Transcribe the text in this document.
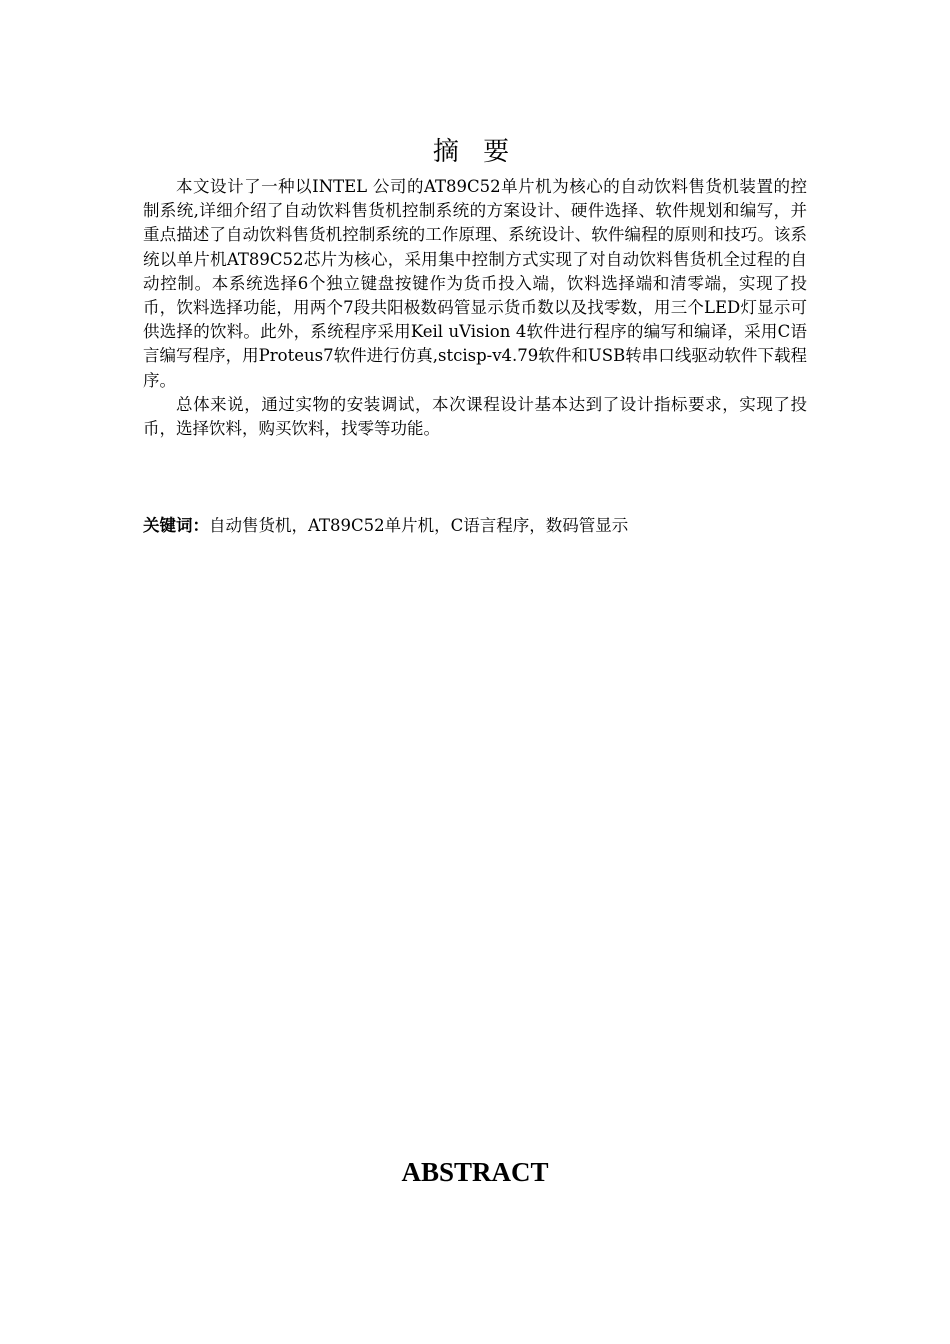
摘 要

本文设计了一种以INTEL 公司的AT89C52单片机为核心的自动饮料售货机装置的控制系统,详细介绍了自动饮料售货机控制系统的方案设计、硬件选择、软件规划和编写，并重点描述了自动饮料售货机控制系统的工作原理、系统设计、软件编程的原则和技巧。该系统以单片机AT89C52芯片为核心，采用集中控制方式实现了对自动饮料售货机全过程的自动控制。本系统选择6个独立键盘按键作为货币投入端，饮料选择端和清零端，实现了投币，饮料选择功能，用两个7段共阳极数码管显示货币数以及找零数，用三个LED灯显示可供选择的饮料。此外，系统程序采用Keil uVision 4软件进行程序的编写和编译，采用C语言编写程序，用Proteus7软件进行仿真,stcisp-v4.79软件和USB转串口线驱动软件下载程序。

总体来说，通过实物的安装调试，本次课程设计基本达到了设计指标要求，实现了投币，选择饮料，购买饮料，找零等功能。

关键词：自动售货机，AT89C52单片机，C语言程序，数码管显示

ABSTRACT
